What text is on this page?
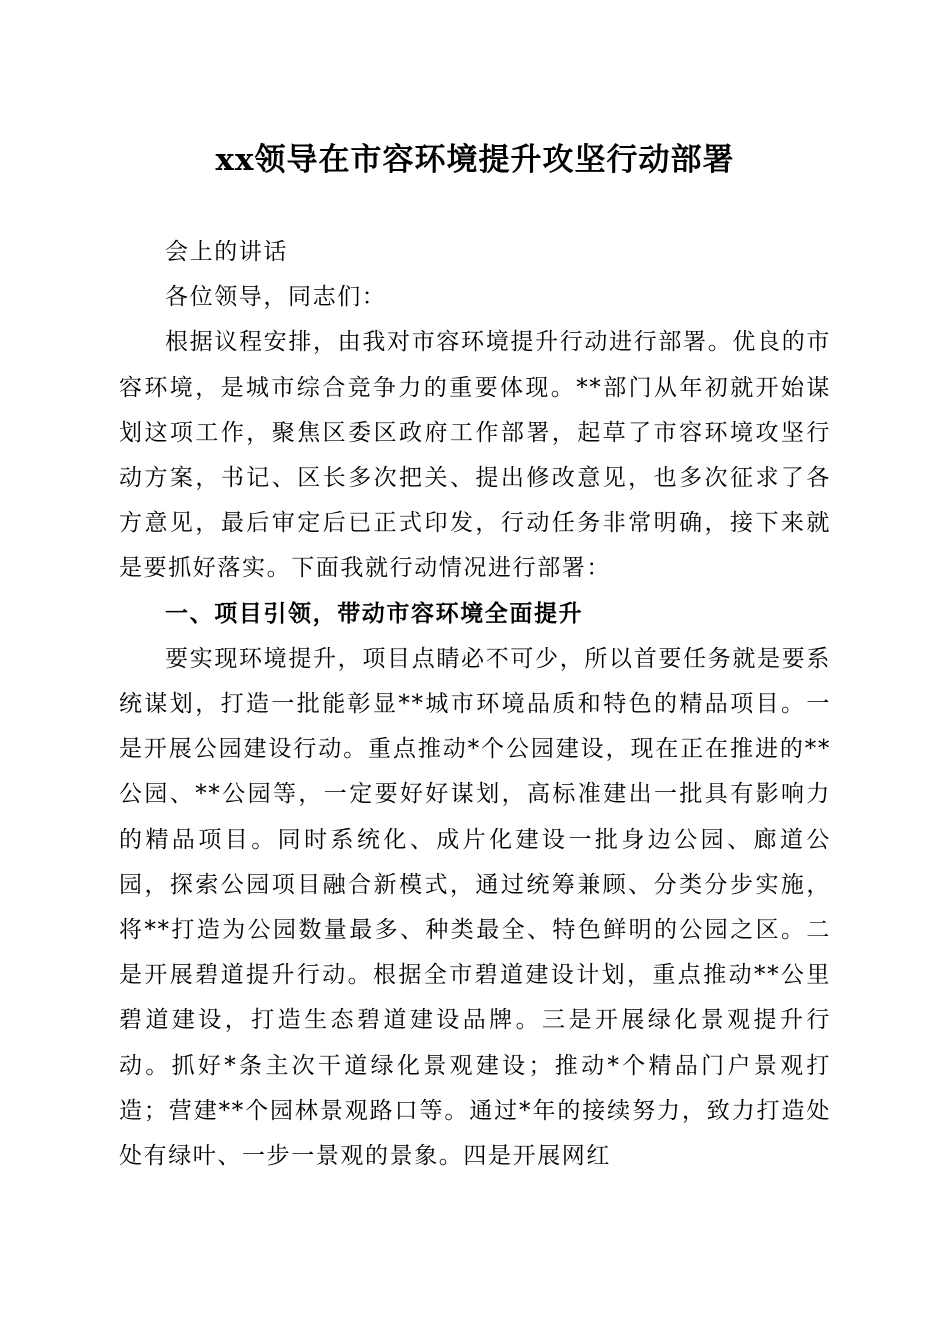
xx领导在市容环境提升攻坚行动部署

会上的讲话

各位领导，同志们：

根据议程安排，由我对市容环境提升行动进行部署。优良的市容环境，是城市综合竞争力的重要体现。**部门从年初就开始谋划这项工作，聚焦区委区政府工作部署，起草了市容环境攻坚行动方案，书记、区长多次把关、提出修改意见，也多次征求了各方意见，最后审定后已正式印发，行动任务非常明确，接下来就是要抓好落实。下面我就行动情况进行部署：

一、项目引领，带动市容环境全面提升

要实现环境提升，项目点睛必不可少，所以首要任务就是要系统谋划，打造一批能彰显**城市环境品质和特色的精品项目。一是开展公园建设行动。重点推动*个公园建设，现在正在推进的**公园、**公园等，一定要好好谋划，高标准建出一批具有影响力的精品项目。同时系统化、成片化建设一批身边公园、廊道公园，探索公园项目融合新模式，通过统筹兼顾、分类分步实施，将**打造为公园数量最多、种类最全、特色鲜明的公园之区。二是开展碧道提升行动。根据全市碧道建设计划，重点推动**公里碧道建设，打造生态碧道建设品牌。三是开展绿化景观提升行动。抓好*条主次干道绿化景观建设；推动*个精品门户景观打造；营建**个园林景观路口等。通过*年的接续努力，致力打造处处有绿叶、一步一景观的景象。四是开展网红
